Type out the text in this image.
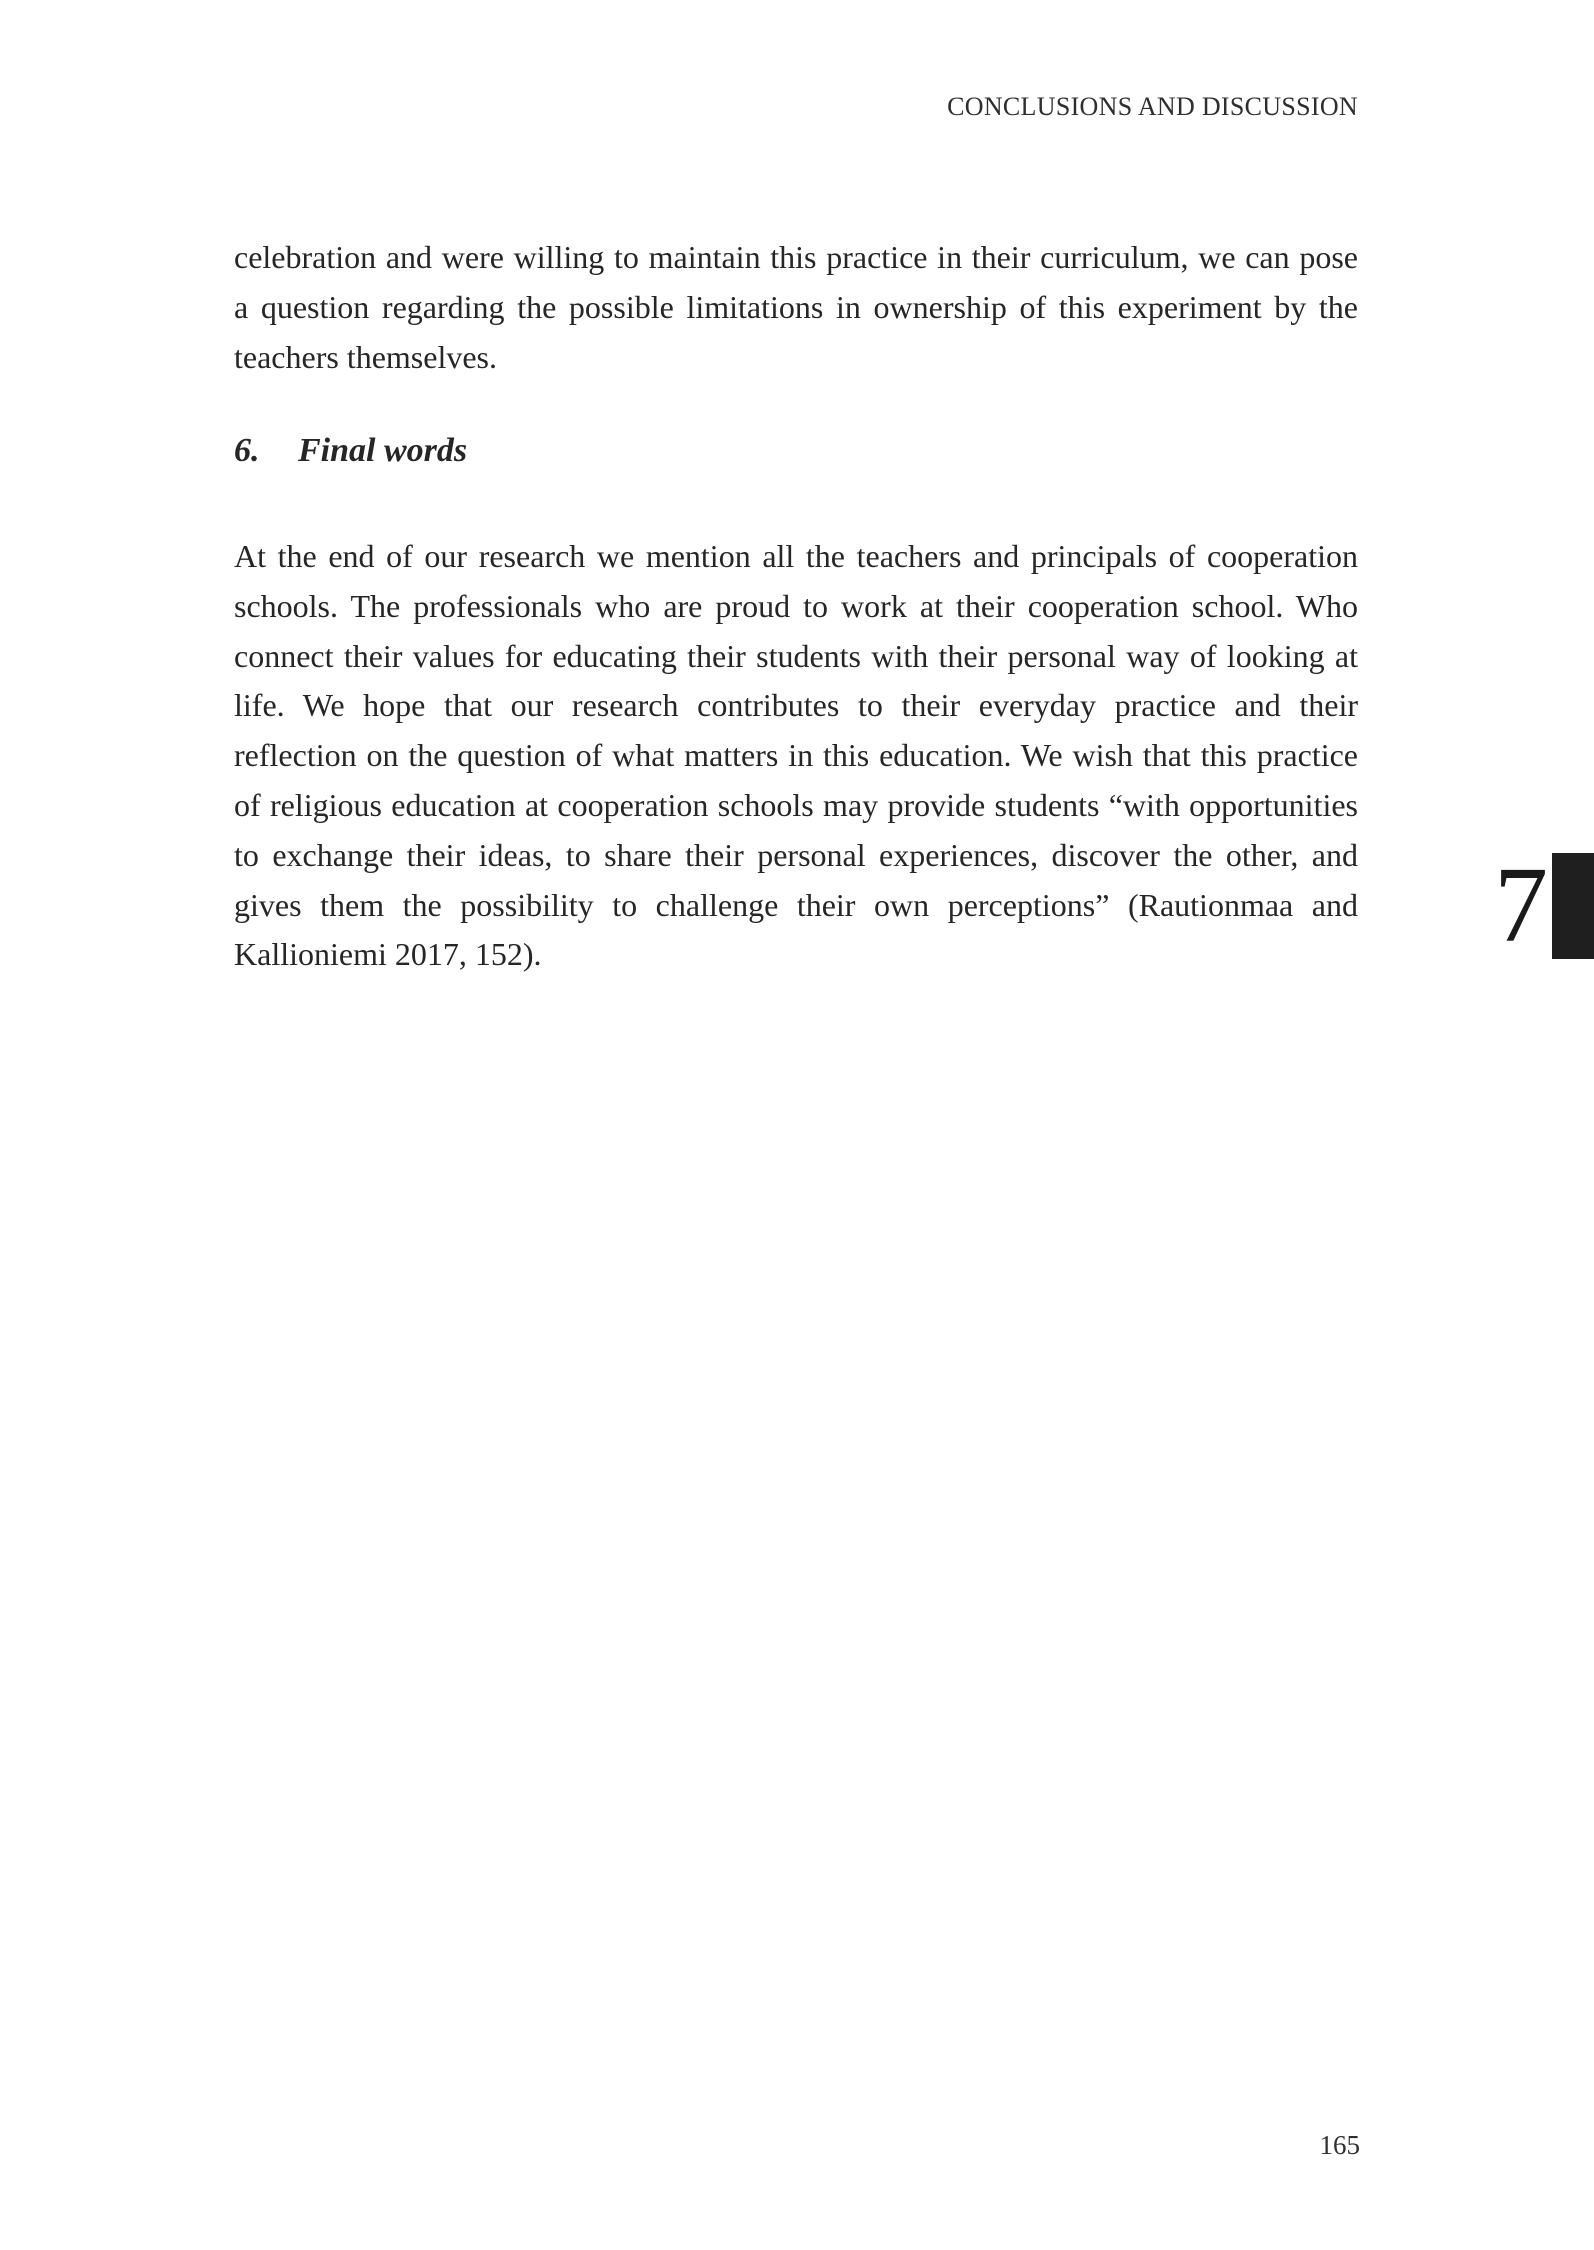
CONCLUSIONS AND DISCUSSION

celebration and were willing to maintain this practice in their curriculum, we can pose a question regarding the possible limitations in ownership of this experiment by the teachers themselves.

6. Final words

At the end of our research we mention all the teachers and principals of cooperation schools. The professionals who are proud to work at their cooperation school. Who connect their values for educating their students with their personal way of looking at life. We hope that our research contributes to their everyday practice and their reflection on the question of what matters in this education. We wish that this practice of religious education at cooperation schools may provide students “with opportunities to exchange their ideas, to share their personal experiences, discover the other, and gives them the possibility to challenge their own perceptions” (Rautionmaa and Kallioniemi 2017, 152).	7
165
